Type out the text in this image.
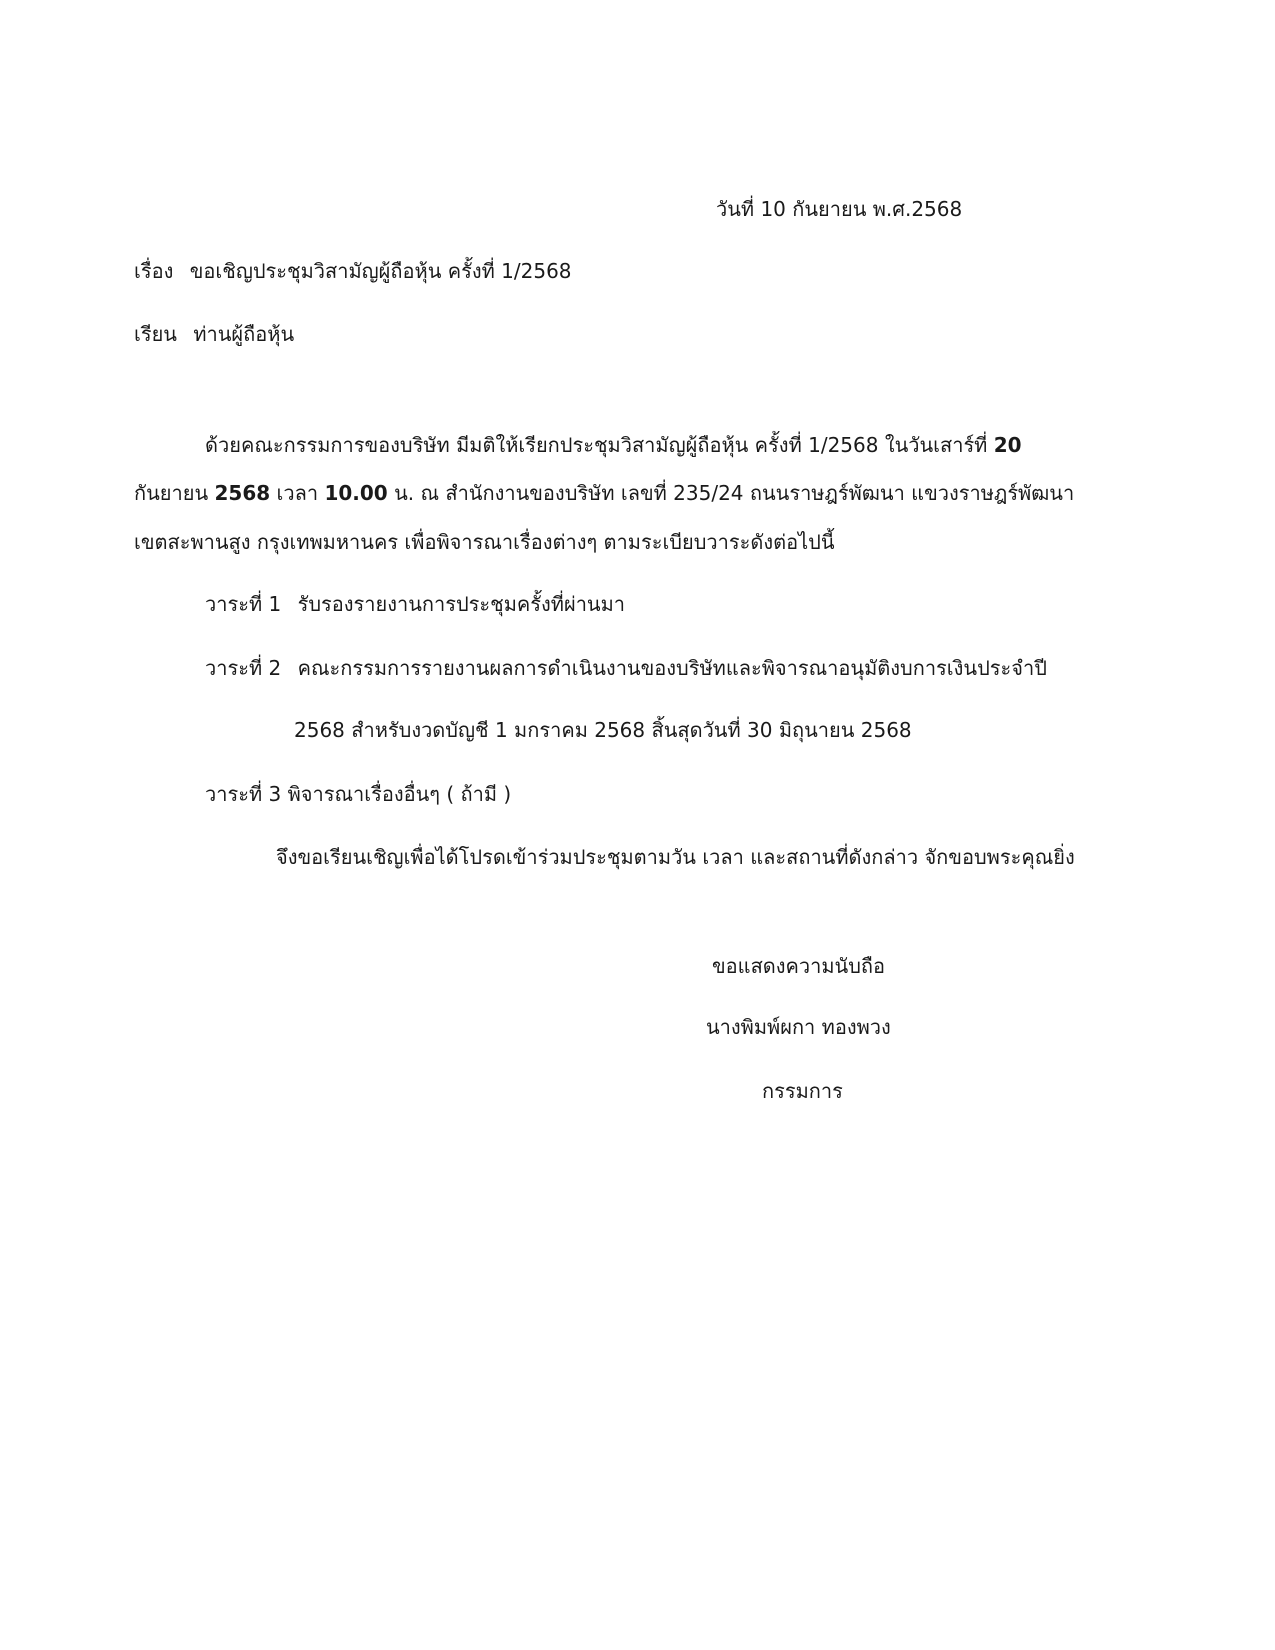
วันที่ 10 กันยายน พ.ศ.2568
เรื่อง ขอเชิญประชุมวิสามัญผู้ถือหุ้น ครั้งที่ 1/2568
เรียน ท่านผู้ถือหุ้น
ด้วยคณะกรรมการของบริษัท มีมติให้เรียกประชุมวิสามัญผู้ถือหุ้น ครั้งที่ 1/2568 ในวันเสาร์ที่ 20
กันยายน 2568 เวลา 10.00 น. ณ สำนักงานของบริษัท เลขที่ 235/24 ถนนราษฎร์พัฒนา แขวงราษฎร์พัฒนา
เขตสะพานสูง กรุงเทพมหานคร เพื่อพิจารณาเรื่องต่างๆ ตามระเบียบวาระดังต่อไปนี้
วาระที่ 1 รับรองรายงานการประชุมครั้งที่ผ่านมา
วาระที่ 2 คณะกรรมการรายงานผลการดำเนินงานของบริษัทและพิจารณาอนุมัติงบการเงินประจำปี
2568 สำหรับงวดบัญชี 1 มกราคม 2568 สิ้นสุดวันที่ 30 มิถุนายน 2568
วาระที่ 3 พิจารณาเรื่องอื่นๆ ( ถ้ามี )
จึงขอเรียนเชิญเพื่อได้โปรดเข้าร่วมประชุมตามวัน เวลา และสถานที่ดังกล่าว จักขอบพระคุณยิ่ง
ขอแสดงความนับถือ
นางพิมพ์ผกา ทองพวง
กรรมการ
